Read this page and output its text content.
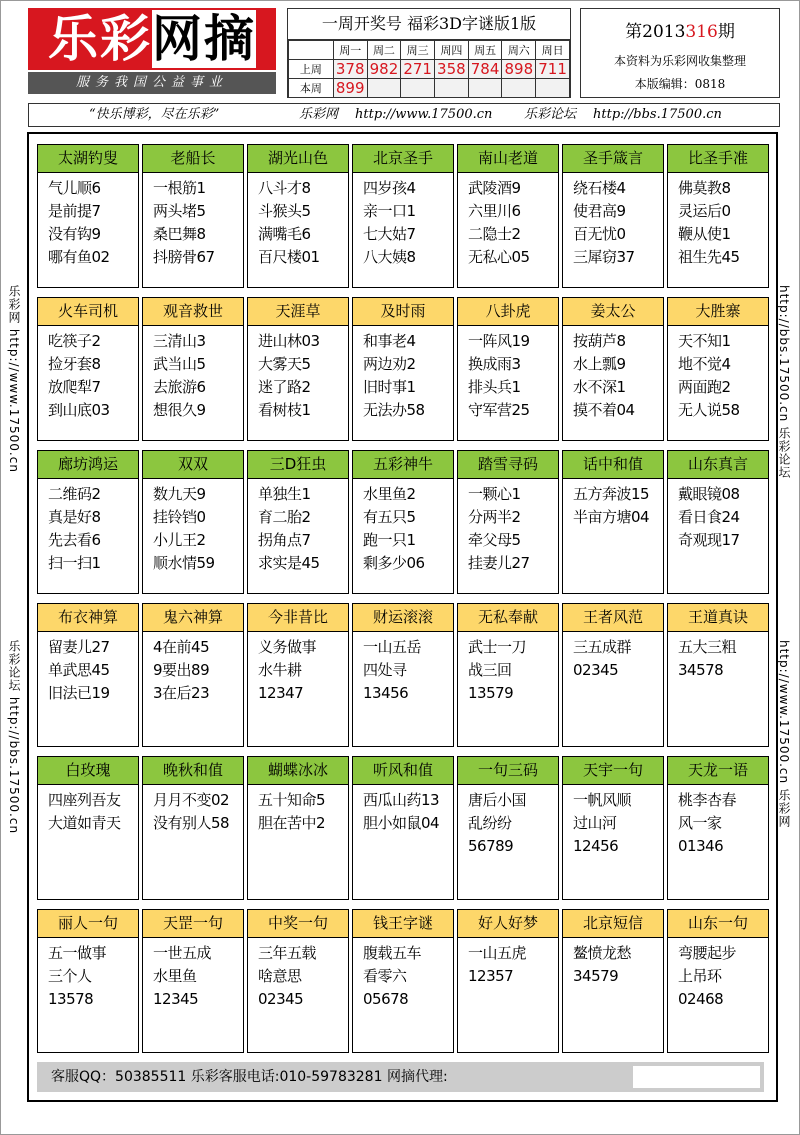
乐彩网摘
服务我国公益事业
一周开奖号 福彩3D字谜版1版
	周一	周二	周三	周四	周五	周六	周日
上周	378	982	271	358	784	898	711
本周	899						
第2013316期
本资料为乐彩网收集整理
本版编辑：0818
“快乐博彩，尽在乐彩”	乐彩网 http://www.17500.cn 乐彩论坛 http://bbs.17500.cn
乐彩网 http://www.17500.cn
乐彩论坛 http://bbs.17500.cn
http://bbs.17500.cn 乐彩论坛
http://www.17500.cn 乐彩网
太湖钓叟
气儿顺6
是前提7
没有钩9
哪有鱼02
老船长
一根筋1
两头堵5
桑巴舞8
抖膀骨67
湖光山色
八斗才8
斗猴头5
满嘴毛6
百尺楼01
北京圣手
四岁孩4
亲一口1
七大姑7
八大姨8
南山老道
武陵酒9
六里川6
二隐士2
无私心05
圣手箴言
绕石楼4
使君高9
百无忧0
三犀窃37
比圣手准
佛莫教8
灵运后0
鞭从使1
祖生先45
火车司机
吃筷子2
捡牙套8
放爬犁7
到山底03
观音救世
三清山3
武当山5
去旅游6
想很久9
天涯草
进山林03
大雾天5
迷了路2
看树枝1
及时雨
和事老4
两边劝2
旧时事1
无法办58
八卦虎
一阵风19
换成雨3
排头兵1
守军营25
姜太公
按葫芦8
水上瓢9
水不深1
摸不着04
大胜寨
天不知1
地不觉4
两面跑2
无人说58
廊坊鸿运
二维码2
真是好8
先去看6
扫一扫1
双双
数九天9
挂铃铛0
小儿王2
顺水情59
三D狂虫
单独生1
育二胎2
拐角点7
求实是45
五彩神牛
水里鱼2
有五只5
跑一只1
剩多少06
踏雪寻码
一颗心1
分两半2
牵父母5
挂妻儿27
话中和值
五方奔波15
半亩方塘04
山东真言
戴眼镜08
看日食24
奇观现17
布衣神算
留妻儿27
单武思45
旧法已19
鬼六神算
4在前45
9要出89
3在后23
今非昔比
义务做事
水牛耕
12347
财运滚滚
一山五岳
四处寻
13456
无私奉献
武士一刀
战三回
13579
王者风范
三五成群
02345
王道真诀
五大三粗
34578
白玫瑰
四座列吾友
大道如青天
晚秋和值
月月不变02
没有别人58
蝴蝶冰冰
五十知命5
胆在苦中2
听风和值
西瓜山药13
胆小如鼠04
一句三码
唐后小国
乱纷纷
56789
天宇一句
一帆风顺
过山河
12456
天龙一语
桃李杏春
风一家
01346
丽人一句
五一做事
三个人
13578
天罡一句
一世五成
水里鱼
12345
中奖一句
三年五载
啥意思
02345
钱王字谜
腹载五车
看零六
05678
好人好梦
一山五虎
12357
北京短信
鳌愤龙愁
34579
山东一句
弯腰起步
上吊环
02468
客服QQ：50385511 乐彩客服电话:010-59783281 网摘代理:
